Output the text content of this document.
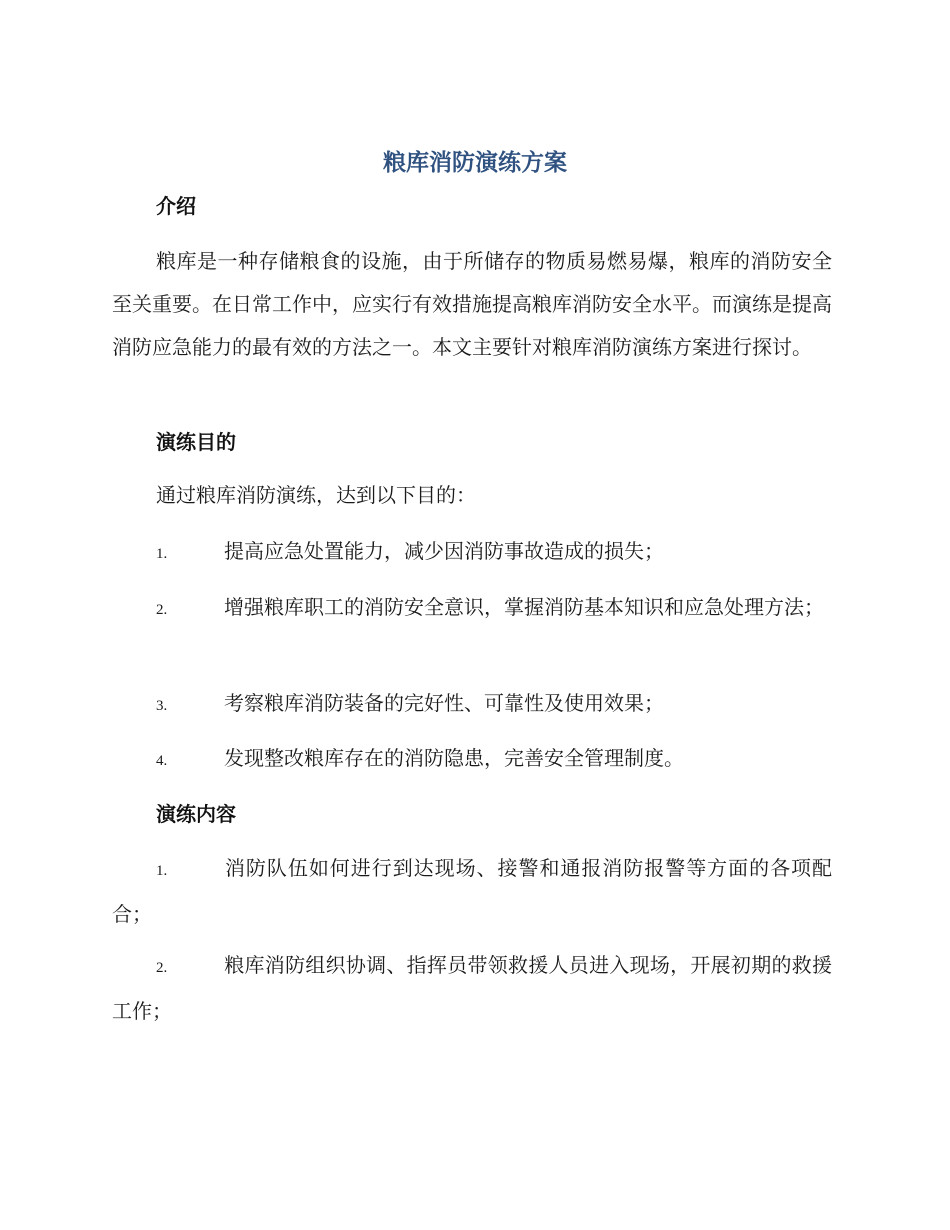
粮库消防演练方案
介绍

粮库是一种存储粮食的设施，由于所储存的物质易燃易爆，粮库的消防安全至关重要。在日常工作中，应实行有效措施提高粮库消防安全水平。而演练是提高消防应急能力的最有效的方法之一。本文主要针对粮库消防演练方案进行探讨。

演练目的

通过粮库消防演练，达到以下目的：

1.	提高应急处置能力，减少因消防事故造成的损失；

2.	增强粮库职工的消防安全意识，掌握消防基本知识和应急处理方法；

3.	考察粮库消防装备的完好性、可靠性及使用效果；

4.	发现整改粮库存在的消防隐患，完善安全管理制度。

演练内容

1.	消防队伍如何进行到达现场、接警和通报消防报警等方面的各项配合；

2.	粮库消防组织协调、指挥员带领救援人员进入现场，开展初期的救援工作；
